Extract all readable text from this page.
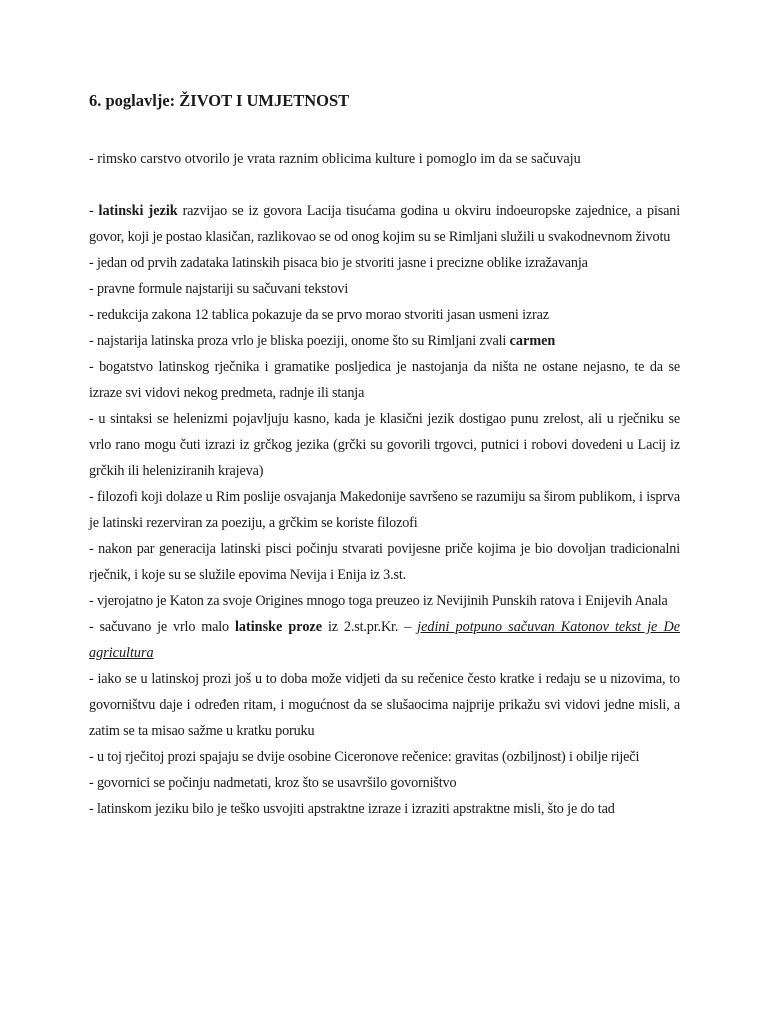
6. poglavlje: ŽIVOT I UMJETNOST

- rimsko carstvo otvorilo je vrata raznim oblicima kulture i pomoglo im da se sačuvaju

- latinski jezik razvijao se iz govora Lacija tisućama godina u okviru indoeuropske zajednice, a pisani govor, koji je postao klasičan, razlikovao se od onog kojim su se Rimljani služili u svakodnevnom životu

- jedan od prvih zadataka latinskih pisaca bio je stvoriti jasne i precizne oblike izražavanja

- pravne formule najstariji su sačuvani tekstovi

- redukcija zakona 12 tablica pokazuje da se prvo morao stvoriti jasan usmeni izraz

- najstarija latinska proza vrlo je bliska poeziji, onome što su Rimljani zvali carmen

- bogatstvo latinskog rječnika i gramatike posljedica je nastojanja da ništa ne ostane nejasno, te da se izraze svi vidovi nekog predmeta, radnje ili stanja

- u sintaksi se helenizmi pojavljuju kasno, kada je klasični jezik dostigao punu zrelost, ali u rječniku se vrlo rano mogu čuti izrazi iz grčkog jezika (grčki su govorili trgovci, putnici i robovi dovedeni u Lacij iz grčkih ili heleniziranih krajeva)

- filozofi koji dolaze u Rim poslije osvajanja Makedonije savršeno se razumiju sa širom publikom, i isprva je latinski rezerviran za poeziju, a grčkim se koriste filozofi

- nakon par generacija latinski pisci počinju stvarati povijesne priče kojima je bio dovoljan tradicionalni rječnik, i koje su se služile epovima Nevija i Enija iz 3.st.

- vjerojatno je Katon za svoje Origines mnogo toga preuzeo iz Nevijinih Punskih ratova i Enijevih Anala

- sačuvano je vrlo malo latinske proze iz 2.st.pr.Kr. – jedini potpuno sačuvan Katonov tekst je De agricultura

- iako se u latinskoj prozi još u to doba može vidjeti da su rečenice često kratke i redaju se u nizovima, to govorništvu daje i određen ritam, i mogućnost da se slušaocima najprije prikažu svi vidovi jedne misli, a zatim se ta misao sažme u kratku poruku

- u toj rječitoj prozi spajaju se dvije osobine Ciceronove rečenice: gravitas (ozbiljnost) i obilje riječi

- govornici se počinju nadmetati, kroz što se usavršilo govorništvo

- latinskom jeziku bilo je teško usvojiti apstraktne izraze i izraziti apstraktne misli, što je do tad
